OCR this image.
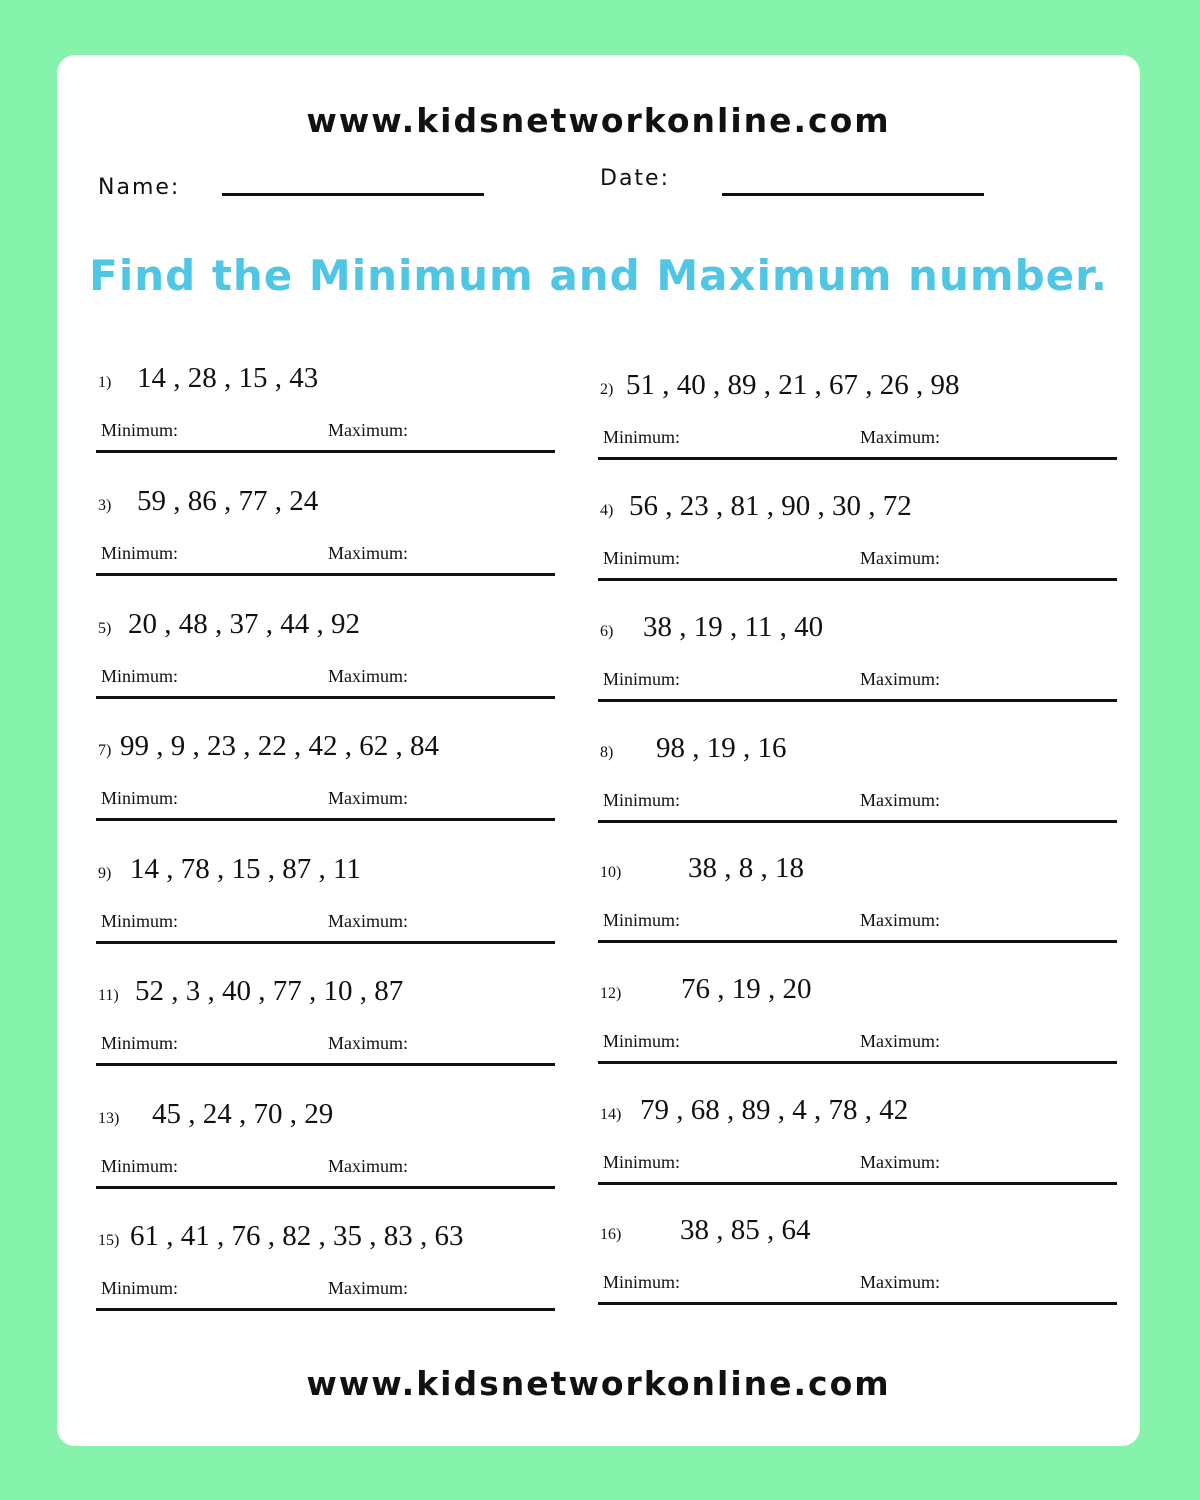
www.kidsnetworkonline.com
Name:	Date:
Find the Minimum and Maximum number.
1) 14 , 28 , 15 , 43
Minimum:	Maximum:
2) 51 , 40 , 89 , 21 , 67 , 26 , 98
Minimum:	Maximum:
3) 59 , 86 , 77 , 24
Minimum:	Maximum:
4) 56 , 23 , 81 , 90 , 30 , 72
Minimum:	Maximum:
5) 20 , 48 , 37 , 44 , 92
Minimum:	Maximum:
6) 38 , 19 , 11 , 40
Minimum:	Maximum:
7) 99 , 9 , 23 , 22 , 42 , 62 , 84
Minimum:	Maximum:
8) 98 , 19 , 16
Minimum:	Maximum:
9) 14 , 78 , 15 , 87 , 11
Minimum:	Maximum:
10) 38 , 8 , 18
Minimum:	Maximum:
11) 52 , 3 , 40 , 77 , 10 , 87
Minimum:	Maximum:
12) 76 , 19 , 20
Minimum:	Maximum:
13) 45 , 24 , 70 , 29
Minimum:	Maximum:
14) 79 , 68 , 89 , 4 , 78 , 42
Minimum:	Maximum:
15) 61 , 41 , 76 , 82 , 35 , 83 , 63
Minimum:	Maximum:
16) 38 , 85 , 64
Minimum:	Maximum:
www.kidsnetworkonline.com
